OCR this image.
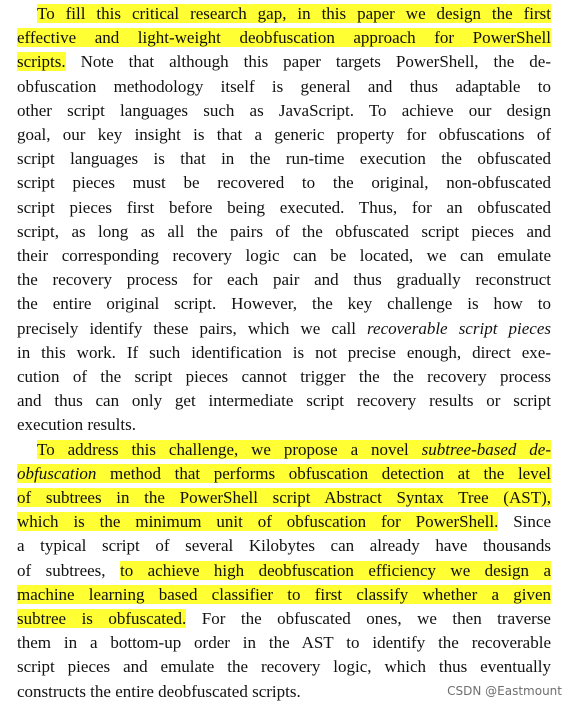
To fill this critical research gap, in this paper we design the first
effective and light-weight deobfuscation approach for PowerShell
scripts. Note that although this paper targets PowerShell, the de-
obfuscation methodology itself is general and thus adaptable to
other script languages such as JavaScript. To achieve our design
goal, our key insight is that a generic property for obfuscations of
script languages is that in the run-time execution the obfuscated
script pieces must be recovered to the original, non-obfuscated
script pieces first before being executed. Thus, for an obfuscated
script, as long as all the pairs of the obfuscated script pieces and
their corresponding recovery logic can be located, we can emulate
the recovery process for each pair and thus gradually reconstruct
the entire original script. However, the key challenge is how to
precisely identify these pairs, which we call recoverable script pieces
in this work. If such identification is not precise enough, direct exe-
cution of the script pieces cannot trigger the the recovery process
and thus can only get intermediate script recovery results or script
execution results.

To address this challenge, we propose a novel subtree-based de-
obfuscation method that performs obfuscation detection at the level
of subtrees in the PowerShell script Abstract Syntax Tree (AST),
which is the minimum unit of obfuscation for PowerShell. Since
a typical script of several Kilobytes can already have thousands
of subtrees, to achieve high deobfuscation efficiency we design a
machine learning based classifier to first classify whether a given
subtree is obfuscated. For the obfuscated ones, we then traverse
them in a bottom-up order in the AST to identify the recoverable
script pieces and emulate the recovery logic, which thus eventually
constructs the entire deobfuscated scripts.	CSDN @Eastmount
